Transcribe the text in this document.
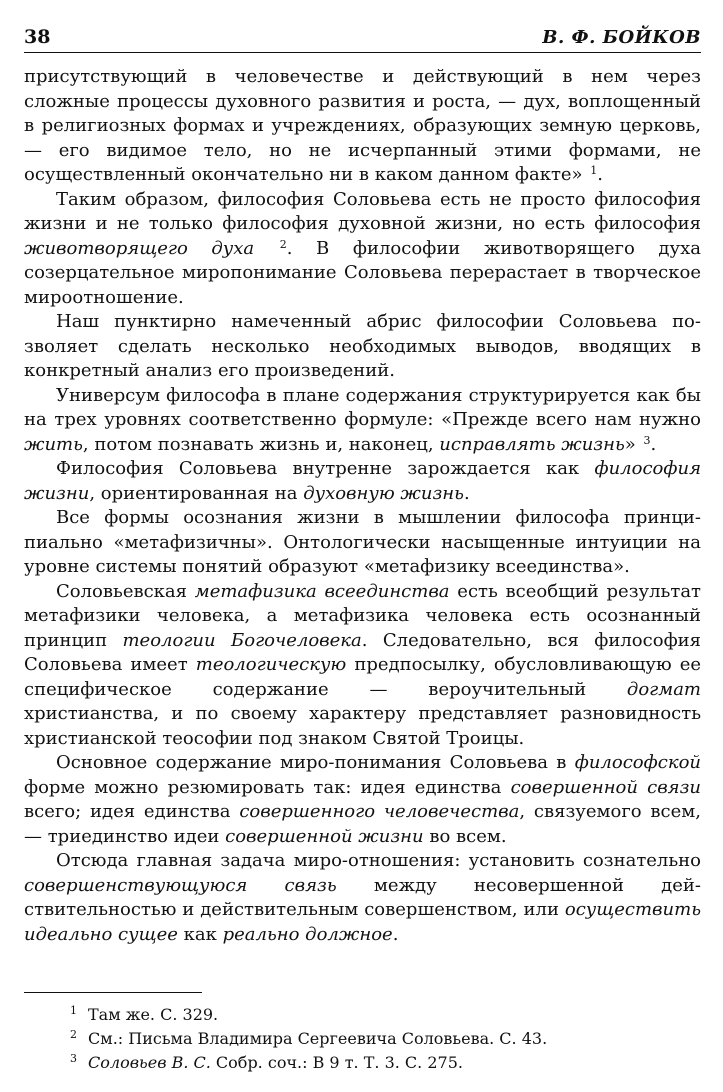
38	В. Ф. БОЙКОВ

присутствующий в человечестве и действующий в нем через сложные процессы духовного развития и роста, — дух, воплощенный в религиозных формах и учреждениях, образующих земную церковь, — его видимое тело, но не исчерпанный этими формами, не осуществленный окончательно ни в каком данном факте» $^1$.

Таким образом, философия Соловьева есть не просто философия жизни и не только философия духовной жизни, но есть философия животворящего духа $^2$. В философии животворящего духа созерцательное миропонимание Соловьева перерастает в творческое мироотношение.

Наш пунктирно намеченный абрис философии Соловьева позволяет сделать несколько необходимых выводов, вводящих в конкретный анализ его произведений.

Универсум философа в плане содержания структурируется как бы на трех уровнях соответственно формуле: «Прежде всего нам нужно жить, потом познавать жизнь и, наконец, исправлять жизнь» $^3$.

Философия Соловьева внутренне зарождается как философия жизни, ориентированная на духовную жизнь.

Все формы осознания жизни в мышлении философа принципиально «метафизичны». Онтологически насыщенные интуиции на уровне системы понятий образуют «метафизику всеединства».

Соловьевская метафизика всеединства есть всеобщий результат метафизики человека, а метафизика человека есть осознанный принцип теологии Богочеловека. Следовательно, вся философия Соловьева имеет теологическую предпосылку, обусловливающую ее специфическое содержание — вероучительный догмат христианства, и по своему характеру представляет разновидность христианской теософии под знаком Святой Троицы.

Основное содержание миро-понимания Соловьева в философской форме можно резюмировать так: идея единства совершенной связи всего; идея единства совершенного человечества, связуемого всем, — триединство идеи совершенной жизни во всем.

Отсюда главная задача миро-отношения: установить сознательно совершенствующуюся связь между несовершенной действительностью и действительным совершенством, или осуществить идеально сущее как реально должное.

1 Там же. С. 329.
2 См.: Письма Владимира Сергеевича Соловьева. С. 43.
3 Соловьев В. С. Собр. соч.: В 9 т. Т. 3. С. 275.
